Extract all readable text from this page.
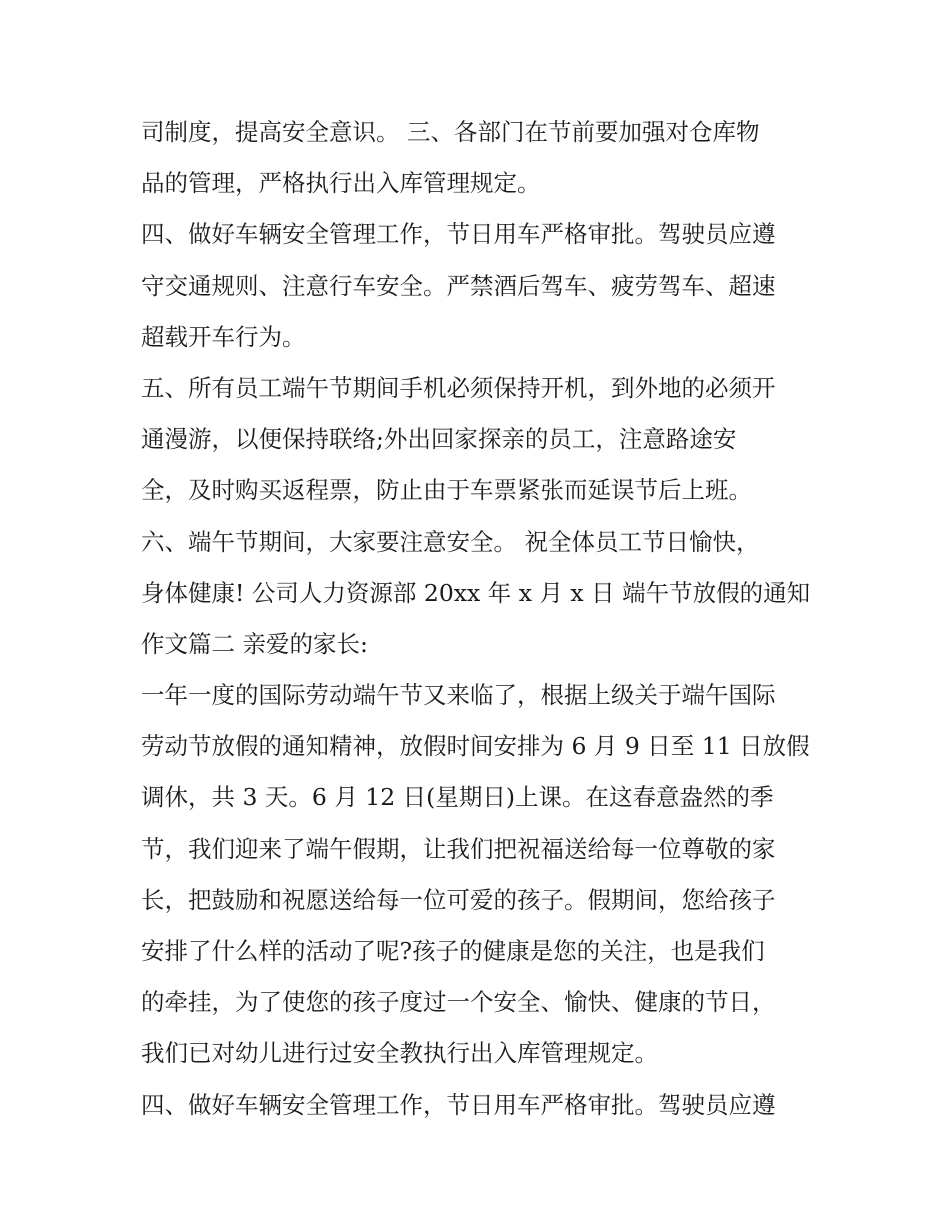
司制度，提高安全意识。 三、各部门在节前要加强对仓库物
品的管理，严格执行出入库管理规定。
四、做好车辆安全管理工作，节日用车严格审批。驾驶员应遵
守交通规则、注意行车安全。严禁酒后驾车、疲劳驾车、超速
超载开车行为。
五、所有员工端午节期间手机必须保持开机，到外地的必须开
通漫游，以便保持联络;外出回家探亲的员工，注意路途安
全，及时购买返程票，防止由于车票紧张而延误节后上班。
六、端午节期间，大家要注意安全。 祝全体员工节日愉快，
身体健康! 公司人力资源部 20xx 年 x 月 x 日 端午节放假的通知
作文篇二 亲爱的家长:
一年一度的国际劳动端午节又来临了，根据上级关于端午国际
劳动节放假的通知精神，放假时间安排为 6 月 9 日至 11 日放假
调休，共 3 天。6 月 12 日(星期日)上课。在这春意盎然的季
节，我们迎来了端午假期，让我们把祝福送给每一位尊敬的家
长，把鼓励和祝愿送给每一位可爱的孩子。假期间，您给孩子
安排了什么样的活动了呢?孩子的健康是您的关注，也是我们
的牵挂，为了使您的孩子度过一个安全、愉快、健康的节日，
我们已对幼儿进行过安全教执行出入库管理规定。
四、做好车辆安全管理工作，节日用车严格审批。驾驶员应遵
